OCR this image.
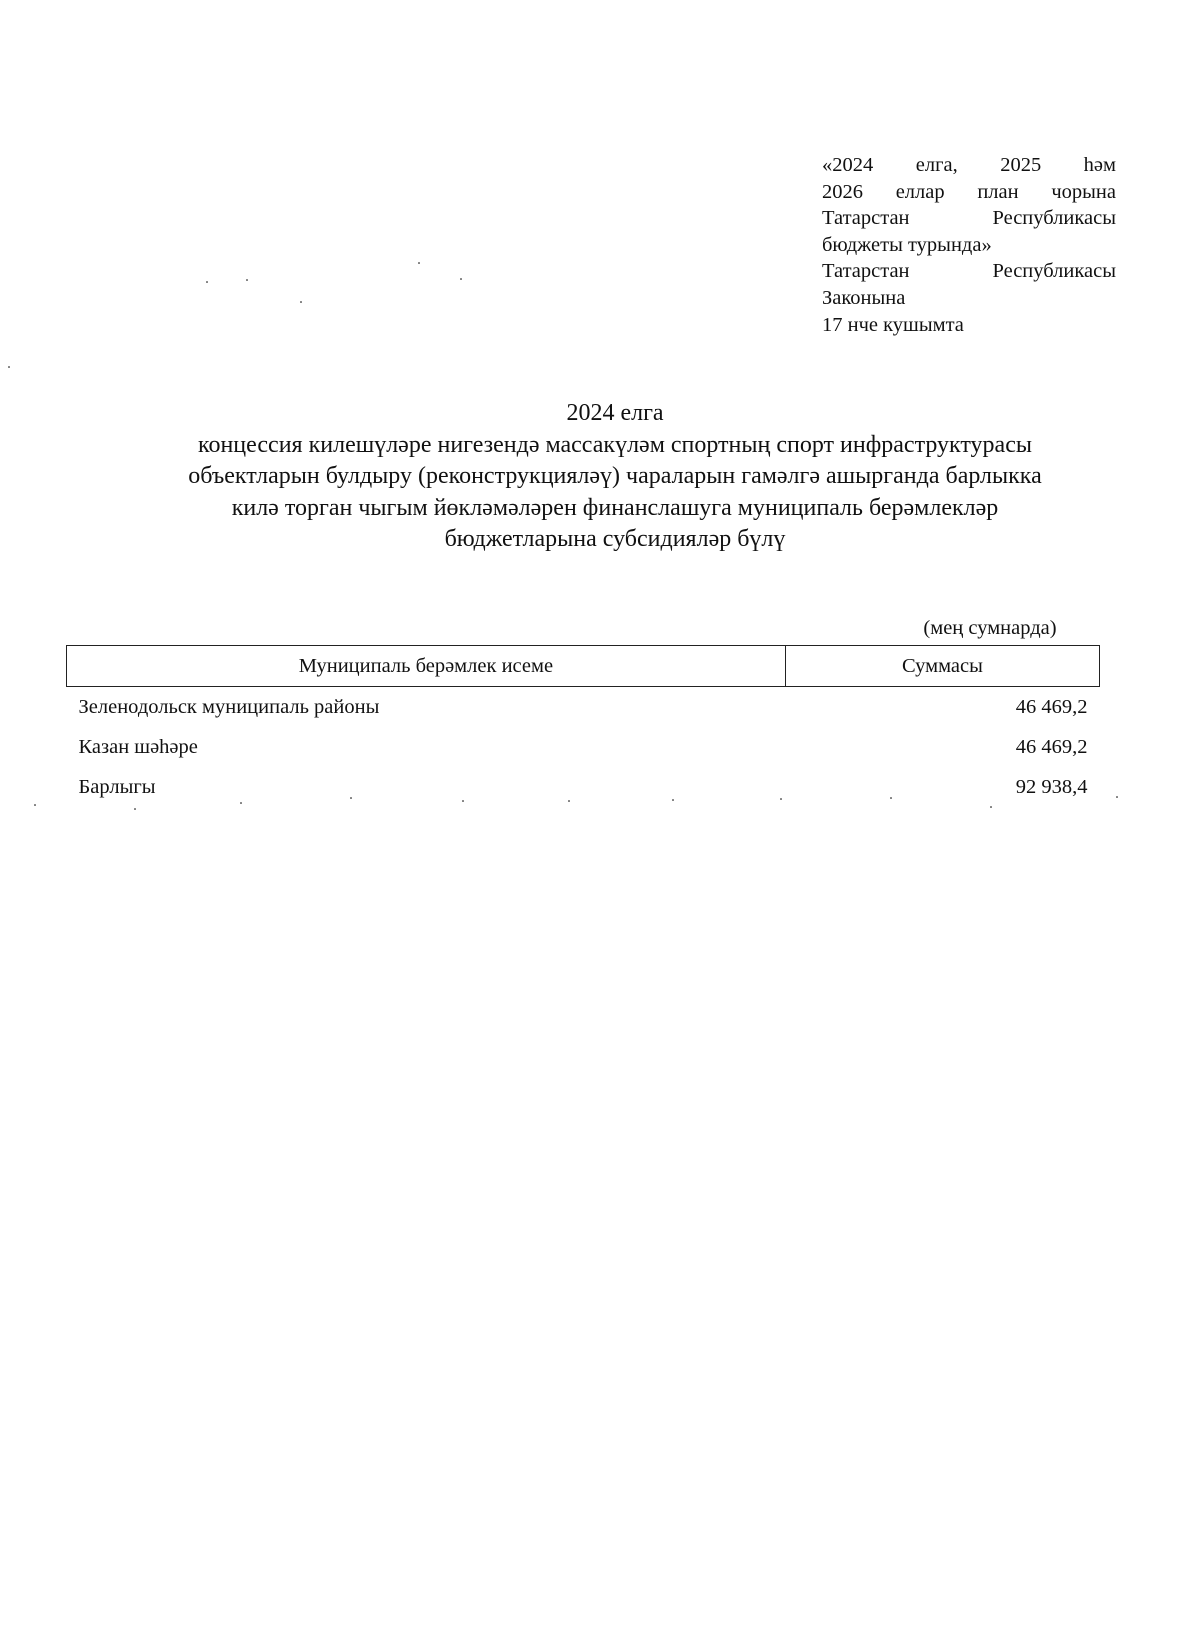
«2024 елга, 2025 һәм
2026 еллар план чорына
Татарстан	Республикасы
бюджеты турында»
Татарстан	Республикасы
Законына
17 нче кушымта
2024 елга
концессия килешүләре нигезендә массакүләм спортның спорт инфраструктурасы
объектларын булдыру (реконструкцияләү) чараларын гамәлгә ашырганда барлыкка
килә торган чыгым йөкләмәләрен финанслашуга муниципаль берәмлекләр
бюджетларына субсидияләр бүлү
(мең сумнарда)
Муниципаль берәмлек исеме	Суммасы
Зеленодольск муниципаль районы	46 469,2
Казан шәһәре	46 469,2
Барлыгы	92 938,4
